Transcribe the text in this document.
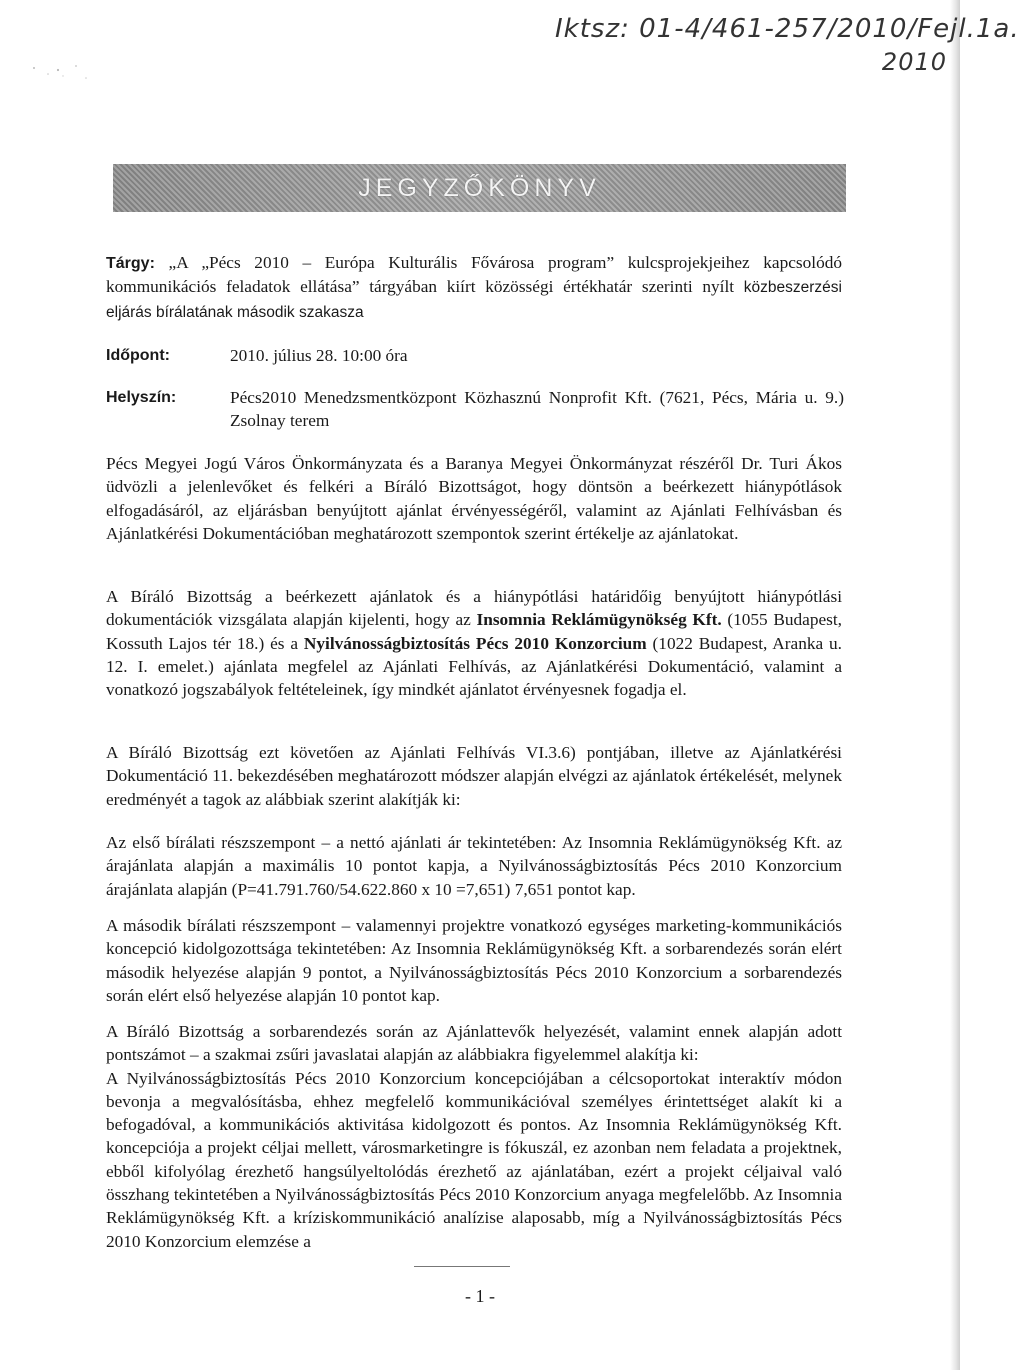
Iktsz: 01-4/461-257/2010/Fejl.1a.
2010
JEGYZŐKÖNYV

Tárgy: „A „Pécs 2010 – Európa Kulturális Fővárosa program” kulcsprojekjeihez kapcsolódó kommunikációs feladatok ellátása” tárgyában kiírt közösségi értékhatár szerinti nyílt közbeszerzési eljárás bírálatának második szakasza

Időpont:	2010. július 28. 10:00 óra
Helyszín:	Pécs2010 Menedzsmentközpont Közhasznú Nonprofit Kft. (7621, Pécs, Mária u. 9.) Zsolnay terem

Pécs Megyei Jogú Város Önkormányzata és a Baranya Megyei Önkormányzat részéről Dr. Turi Ákos üdvözli a jelenlevőket és felkéri a Bíráló Bizottságot, hogy döntsön a beérkezett hiánypótlások elfogadásáról, az eljárásban benyújtott ajánlat érvényességéről, valamint az Ajánlati Felhívásban és Ajánlatkérési Dokumentációban meghatározott szempontok szerint értékelje az ajánlatokat.

A Bíráló Bizottság a beérkezett ajánlatok és a hiánypótlási határidőig benyújtott hiánypótlási dokumentációk vizsgálata alapján kijelenti, hogy az Insomnia Reklámügynökség Kft. (1055 Budapest, Kossuth Lajos tér 18.) és a Nyilvánosságbiztosítás Pécs 2010 Konzorcium (1022 Budapest, Aranka u. 12. I. emelet.) ajánlata megfelel az Ajánlati Felhívás, az Ajánlatkérési Dokumentáció, valamint a vonatkozó jogszabályok feltételeinek, így mindkét ajánlatot érvényesnek fogadja el.

A Bíráló Bizottság ezt követően az Ajánlati Felhívás VI.3.6) pontjában, illetve az Ajánlatkérési Dokumentáció 11. bekezdésében meghatározott módszer alapján elvégzi az ajánlatok értékelését, melynek eredményét a tagok az alábbiak szerint alakítják ki:

Az első bírálati részszempont – a nettó ajánlati ár tekintetében: Az Insomnia Reklámügynökség Kft. az árajánlata alapján a maximális 10 pontot kapja, a Nyilvánosságbiztosítás Pécs 2010 Konzorcium árajánlata alapján (P=41.791.760/54.622.860 x 10 =7,651) 7,651 pontot kap.

A második bírálati részszempont – valamennyi projektre vonatkozó egységes marketing-kommunikációs koncepció kidolgozottsága tekintetében: Az Insomnia Reklámügynökség Kft. a sorbarendezés során elért második helyezése alapján 9 pontot, a Nyilvánosságbiztosítás Pécs 2010 Konzorcium a sorbarendezés során elért első helyezése alapján 10 pontot kap.

A Bíráló Bizottság a sorbarendezés során az Ajánlattevők helyezését, valamint ennek alapján adott pontszámot – a szakmai zsűri javaslatai alapján az alábbiakra figyelemmel alakítja ki:

A Nyilvánosságbiztosítás Pécs 2010 Konzorcium koncepciójában a célcsoportokat interaktív módon bevonja a megvalósításba, ehhez megfelelő kommunikációval személyes érintettséget alakít ki a befogadóval, a kommunikációs aktivitása kidolgozott és pontos. Az Insomnia Reklámügynökség Kft. koncepciója a projekt céljai mellett, városmarketingre is fókuszál, ez azonban nem feladata a projektnek, ebből kifolyólag érezhető hangsúlyeltolódás érezhető az ajánlatában, ezért a projekt céljaival való összhang tekintetében a Nyilvánosságbiztosítás Pécs 2010 Konzorcium anyaga megfelelőbb. Az Insomnia Reklámügynökség Kft. a kríziskommunikáció analízise alaposabb, míg a Nyilvánosságbiztosítás Pécs 2010 Konzorcium elemzése a

- 1 -
